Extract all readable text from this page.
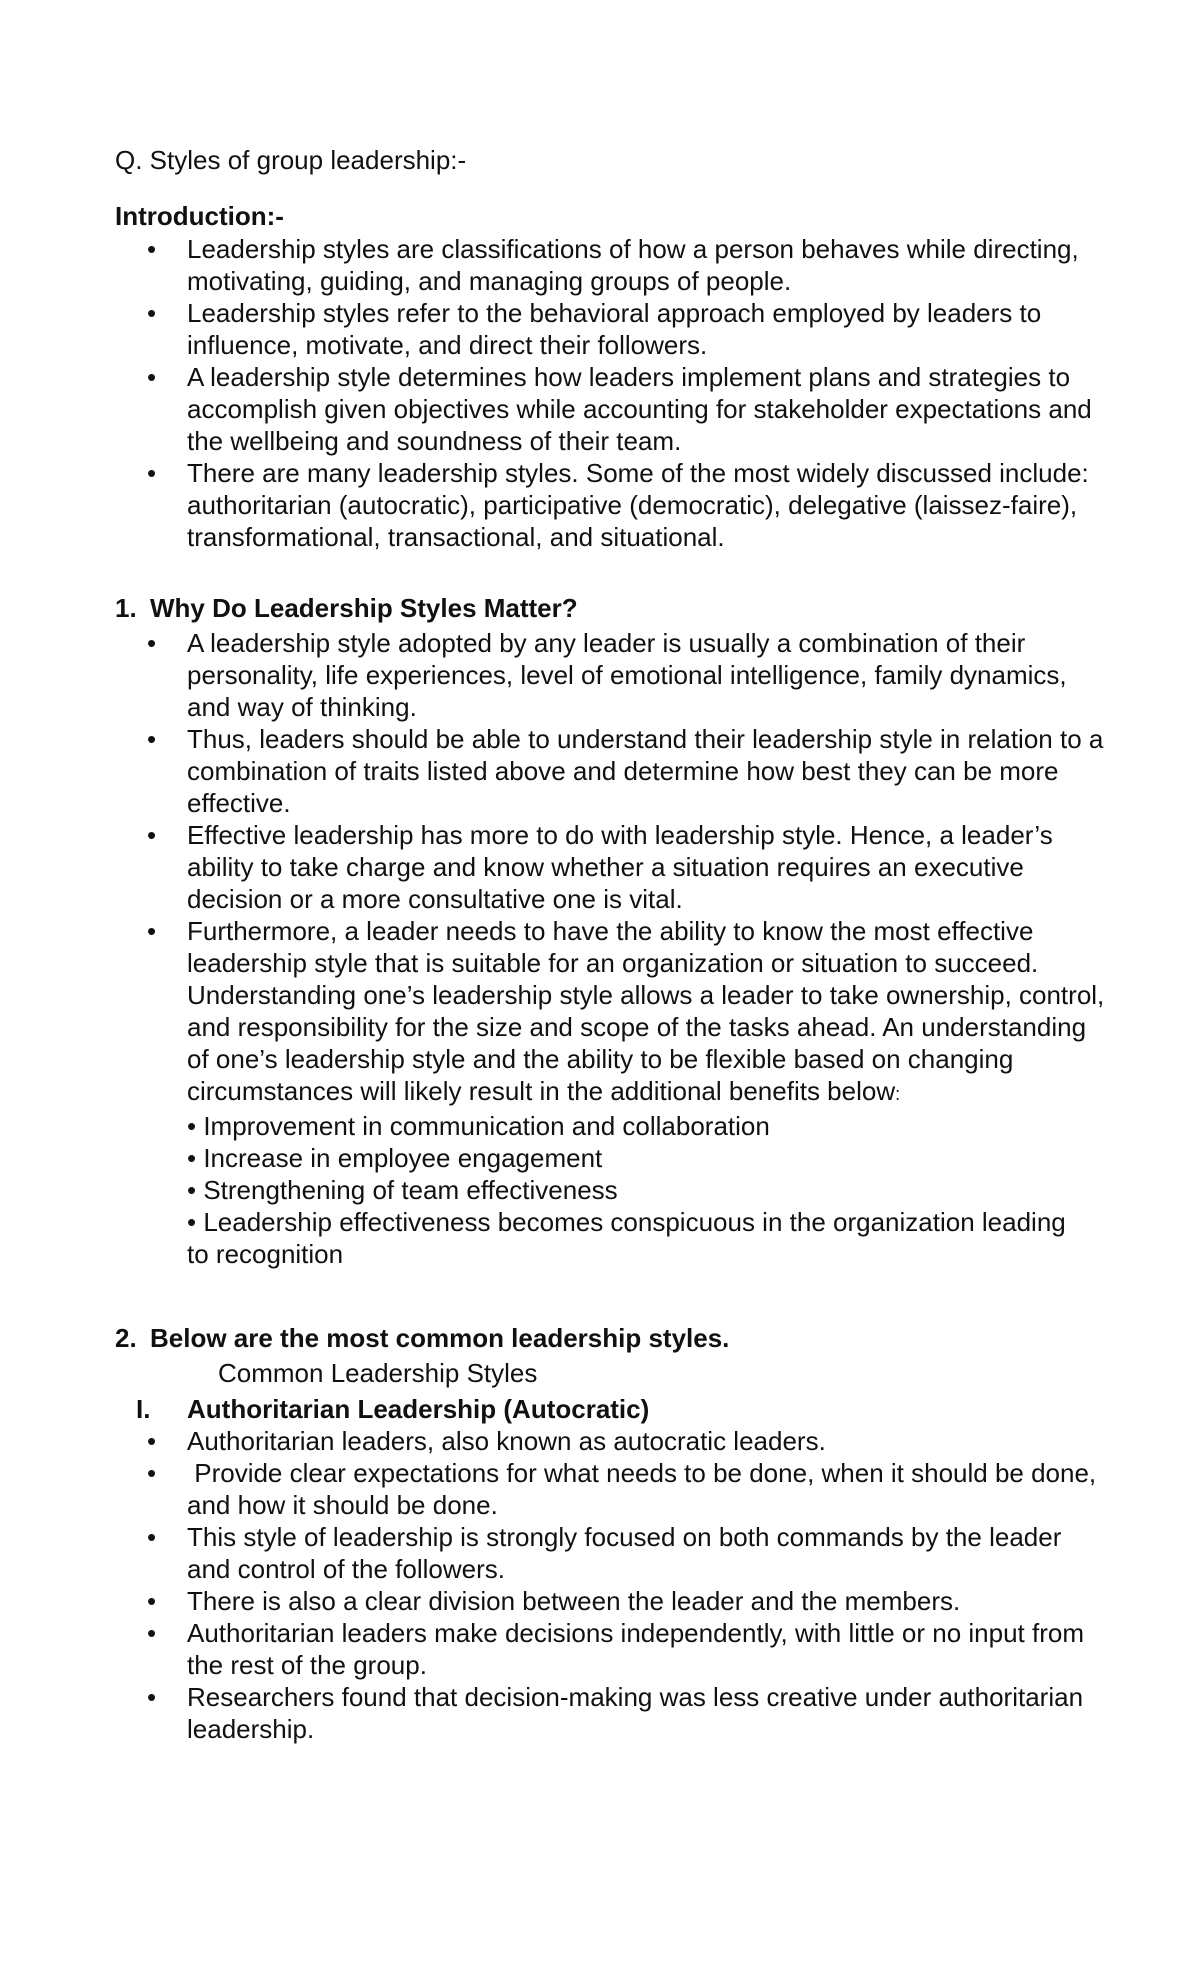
Q. Styles of group leadership:-

Introduction:-

• Leadership styles are classifications of how a person behaves while directing, motivating, guiding, and managing groups of people.
• Leadership styles refer to the behavioral approach employed by leaders to influence, motivate, and direct their followers.
• A leadership style determines how leaders implement plans and strategies to accomplish given objectives while accounting for stakeholder expectations and the wellbeing and soundness of their team.
• There are many leadership styles. Some of the most widely discussed include: authoritarian (autocratic), participative (democratic), delegative (laissez-faire), transformational, transactional, and situational.

1. Why Do Leadership Styles Matter?

• A leadership style adopted by any leader is usually a combination of their personality, life experiences, level of emotional intelligence, family dynamics, and way of thinking.
• Thus, leaders should be able to understand their leadership style in relation to a combination of traits listed above and determine how best they can be more effective.
• Effective leadership has more to do with leadership style. Hence, a leader’s ability to take charge and know whether a situation requires an executive decision or a more consultative one is vital.
• Furthermore, a leader needs to have the ability to know the most effective leadership style that is suitable for an organization or situation to succeed. Understanding one’s leadership style allows a leader to take ownership, control, and responsibility for the size and scope of the tasks ahead. An understanding of one’s leadership style and the ability to be flexible based on changing circumstances will likely result in the additional benefits below:
• Improvement in communication and collaboration
• Increase in employee engagement
• Strengthening of team effectiveness
• Leadership effectiveness becomes conspicuous in the organization leading to recognition

2. Below are the most common leadership styles.

Common Leadership Styles

I. Authoritarian Leadership (Autocratic)
• Authoritarian leaders, also known as autocratic leaders.
• Provide clear expectations for what needs to be done, when it should be done, and how it should be done.
• This style of leadership is strongly focused on both commands by the leader and control of the followers.
• There is also a clear division between the leader and the members.
• Authoritarian leaders make decisions independently, with little or no input from the rest of the group.
• Researchers found that decision-making was less creative under authoritarian leadership.
